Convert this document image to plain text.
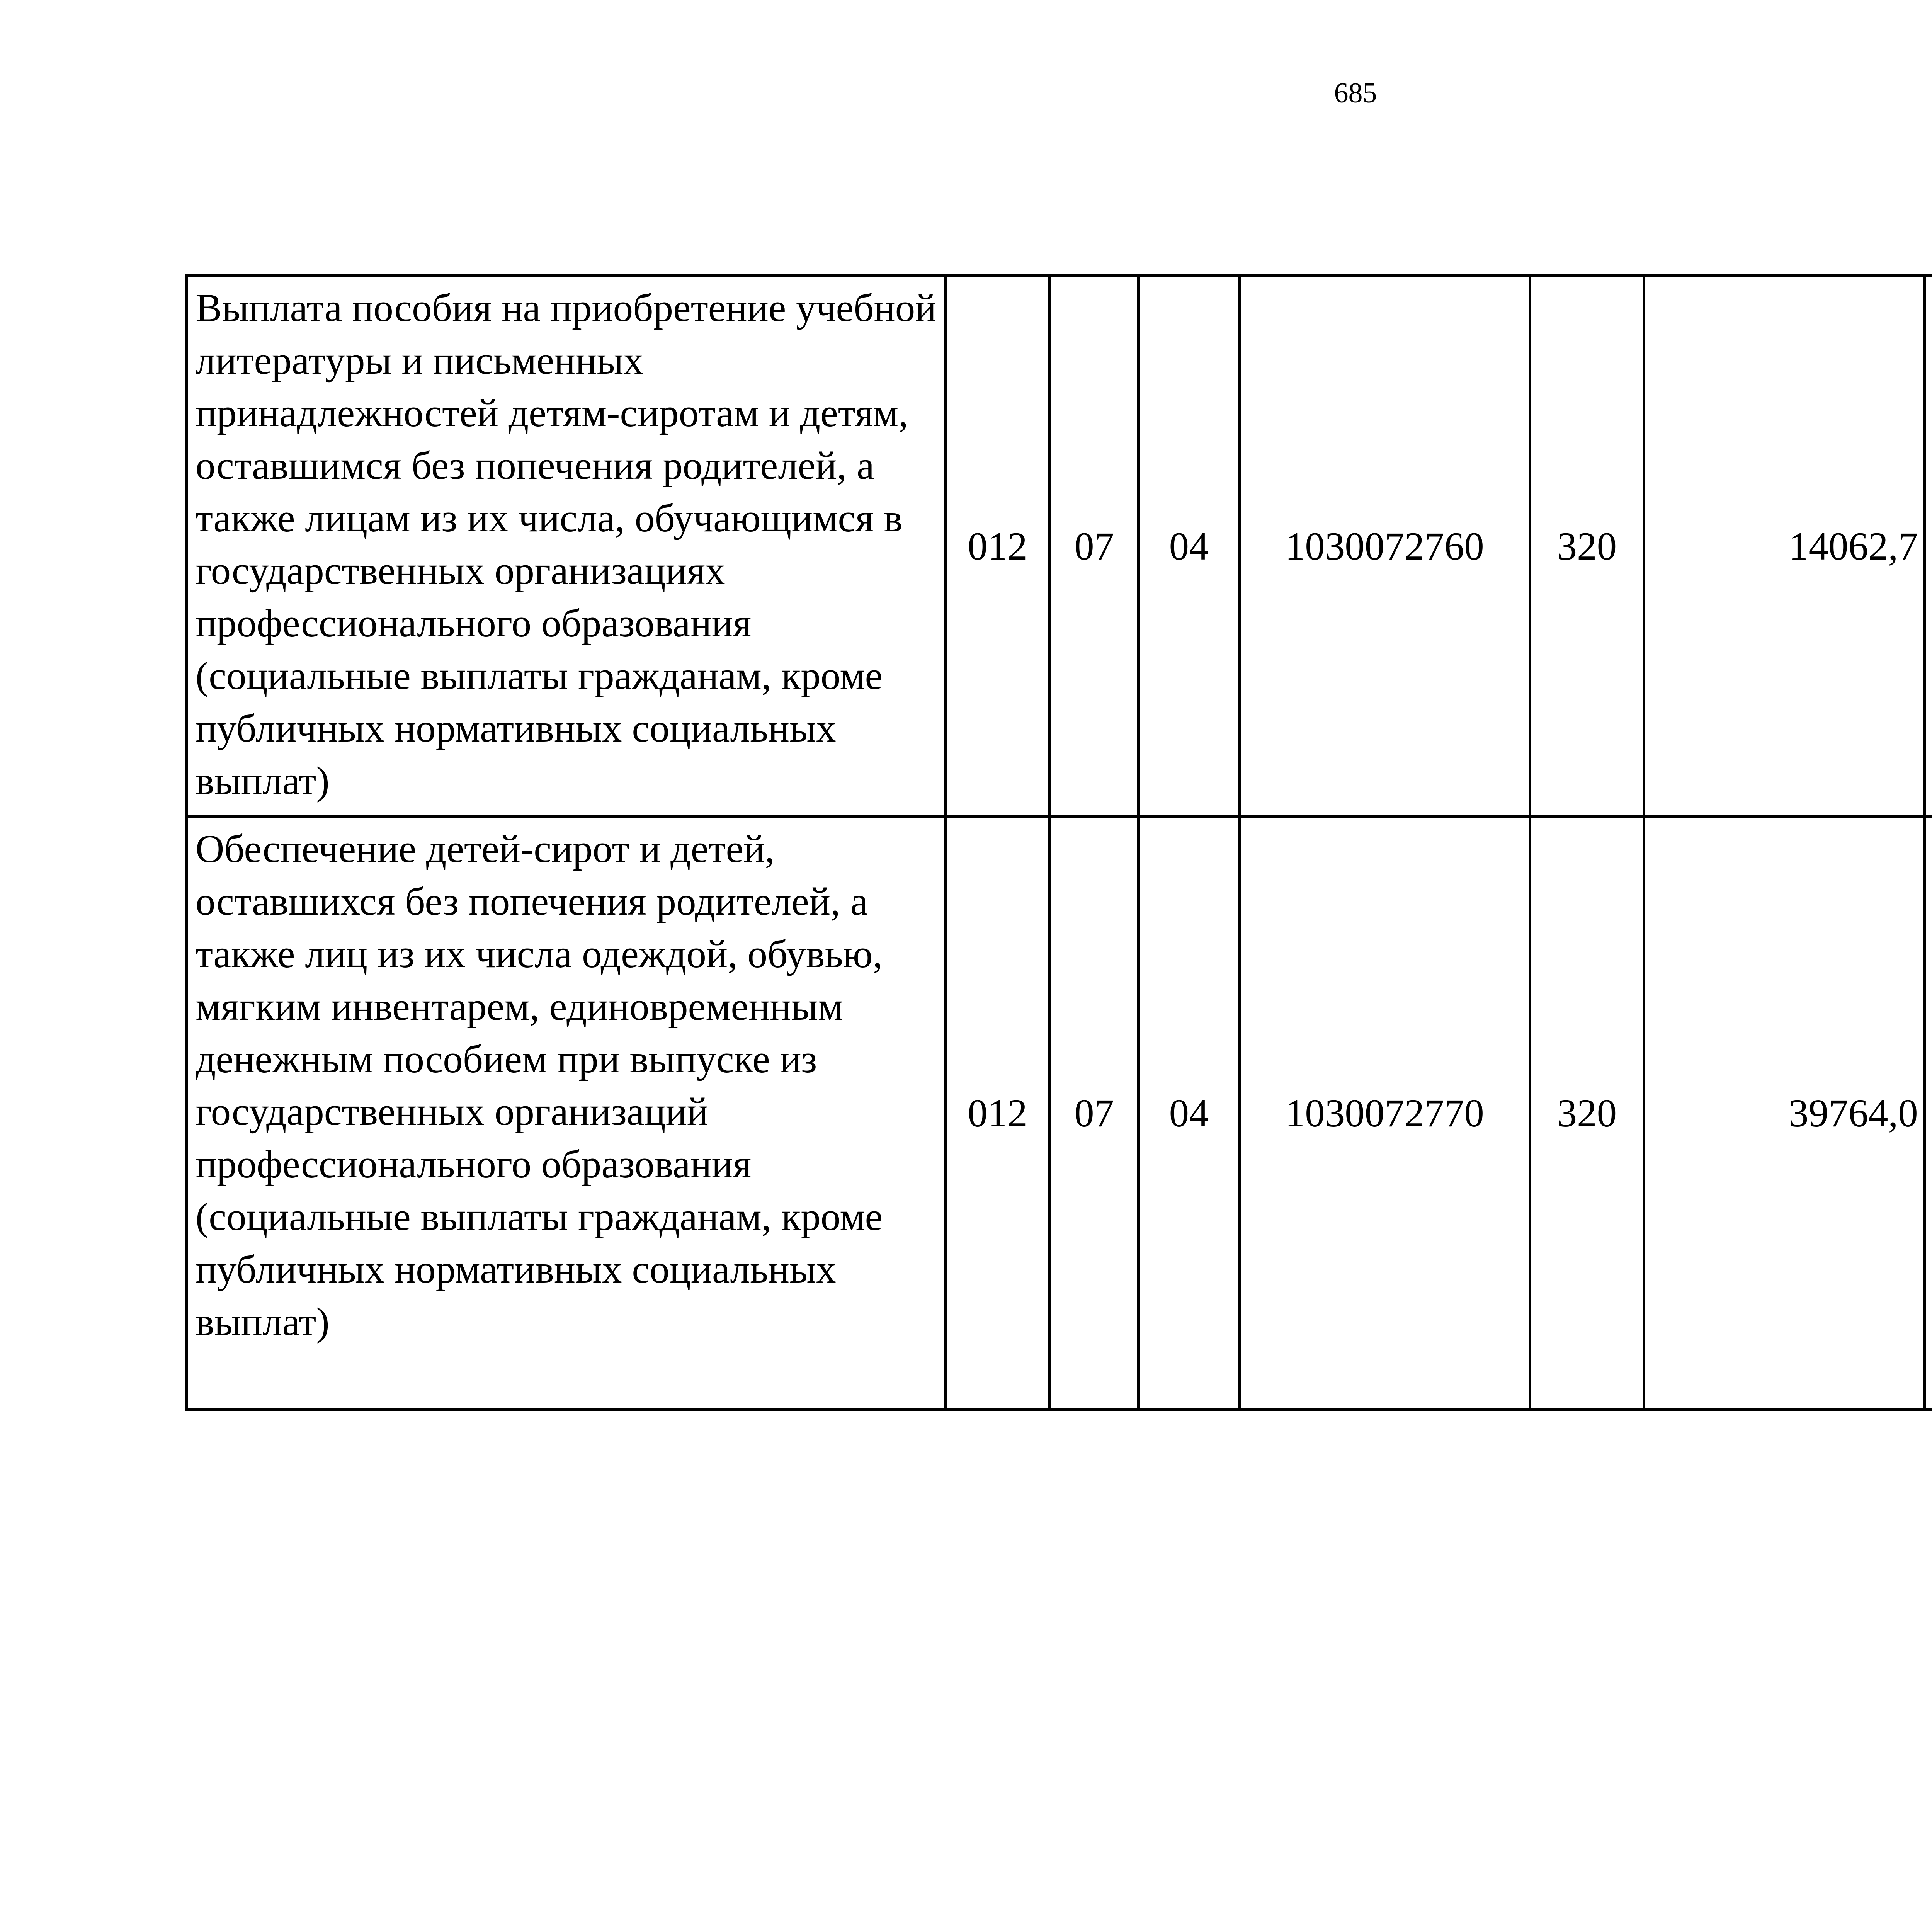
685
Выплата пособия на приобретение учебной литературы и письменных принадлежностей детям-сиротам и детям, оставшимся без попечения родителей, а также лицам из их числа, обучающимся в государственных организациях профессионального образования (социальные выплаты гражданам, кроме публичных нормативных социальных выплат)	012	07	04	1030072760	320	14062,7		
Обеспечение детей-сирот и детей, оставшихся без попечения родителей, а также лиц из их числа одеждой, обувью, мягким инвентарем, единовременным денежным пособием при выпуске из государственных организаций профессионального образования (социальные выплаты гражданам, кроме публичных нормативных социальных выплат)	012	07	04	1030072770	320	39764,0		
